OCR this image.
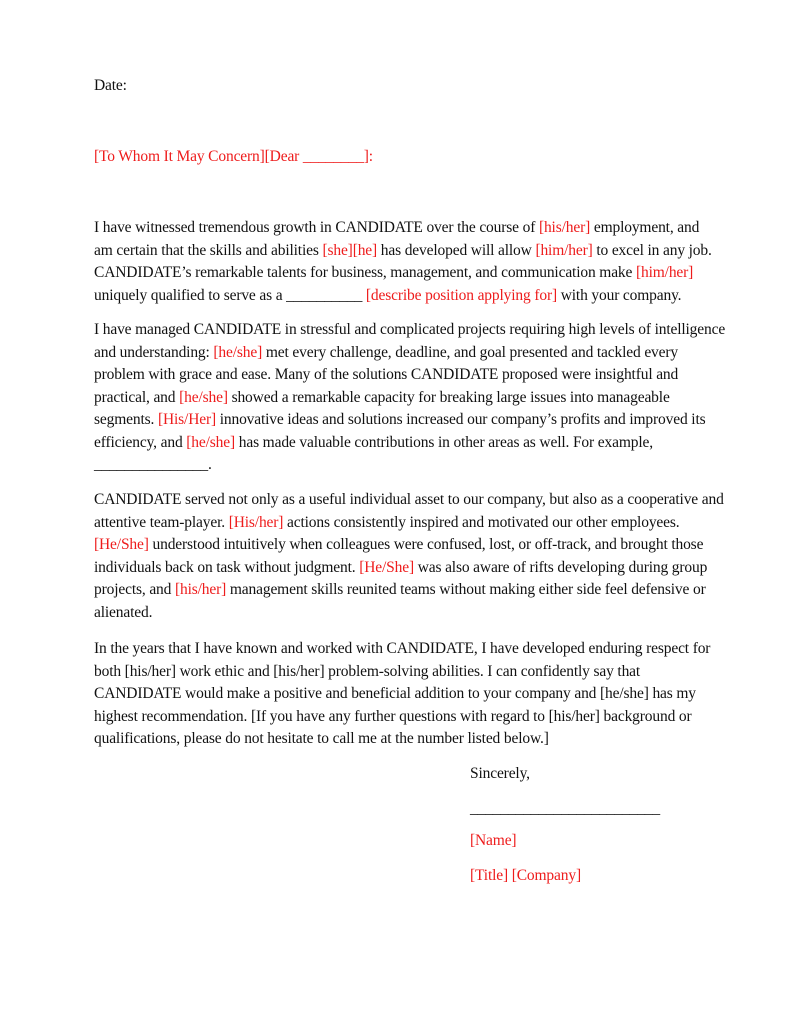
Date:
[To Whom It May Concern][Dear ________]:
I have witnessed tremendous growth in CANDIDATE over the course of [his/her] employment, and
am certain that the skills and abilities [she][he] has developed will allow [him/her] to excel in any job.
CANDIDATE’s remarkable talents for business, management, and communication make [him/her]
uniquely qualified to serve as a __________ [describe position applying for] with your company.
I have managed CANDIDATE in stressful and complicated projects requiring high levels of intelligence
and understanding: [he/she] met every challenge, deadline, and goal presented and tackled every
problem with grace and ease. Many of the solutions CANDIDATE proposed were insightful and
practical, and [he/she] showed a remarkable capacity for breaking large issues into manageable
segments. [His/Her] innovative ideas and solutions increased our company’s profits and improved its
efficiency, and [he/she] has made valuable contributions in other areas as well. For example,
_______________.
CANDIDATE served not only as a useful individual asset to our company, but also as a cooperative and
attentive team-player. [His/her] actions consistently inspired and motivated our other employees.
[He/She] understood intuitively when colleagues were confused, lost, or off-track, and brought those
individuals back on task without judgment. [He/She] was also aware of rifts developing during group
projects, and [his/her] management skills reunited teams without making either side feel defensive or
alienated.
In the years that I have known and worked with CANDIDATE, I have developed enduring respect for
both [his/her] work ethic and [his/her] problem-solving abilities. I can confidently say that
CANDIDATE would make a positive and beneficial addition to your company and [he/she] has my
highest recommendation. [If you have any further questions with regard to [his/her] background or
qualifications, please do not hesitate to call me at the number listed below.]
Sincerely,
_________________________
[Name]
[Title] [Company]
